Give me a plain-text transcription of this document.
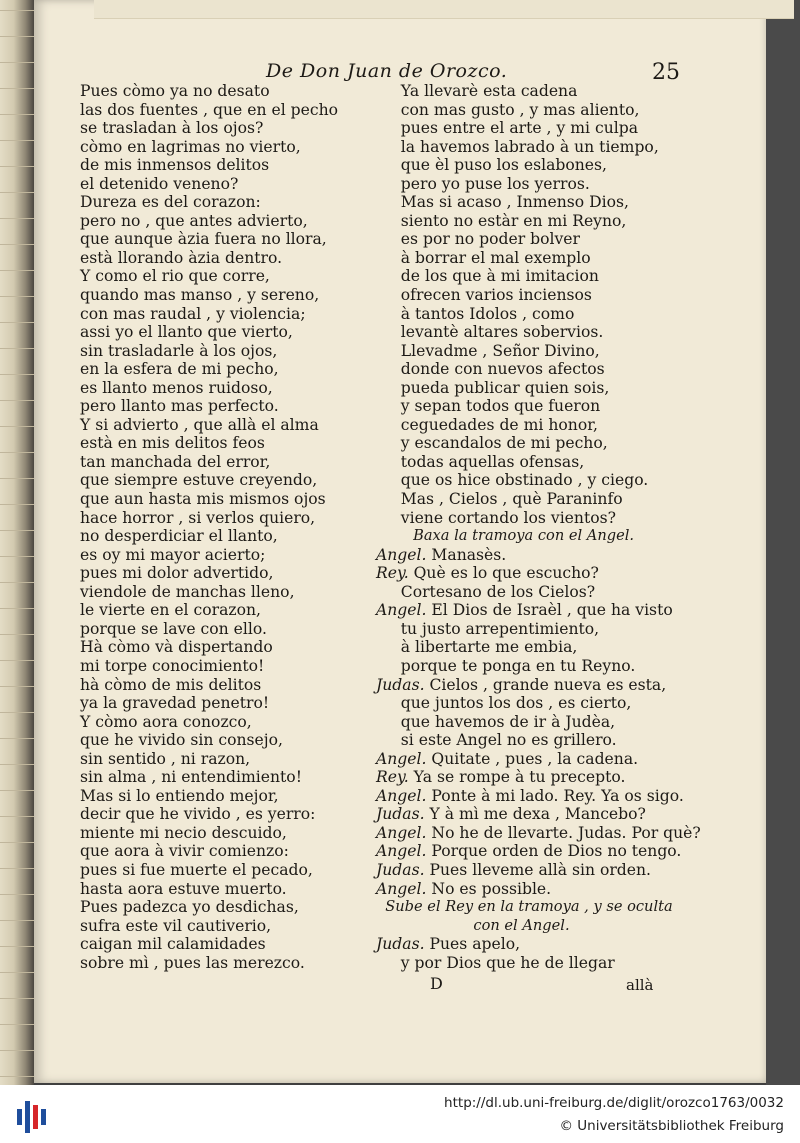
De Don Juan de Orozco.	25
Pues còmo ya no desato
las dos fuentes , que en el pecho
se trasladan à los ojos?
còmo en lagrimas no vierto,
de mis inmensos delitos
el detenido veneno?
Dureza es del corazon:
pero no , que antes advierto,
que aunque àzia fuera no llora,
està llorando àzia dentro.
Y como el rio que corre,
quando mas manso , y sereno,
con mas raudal , y violencia;
assi yo el llanto que vierto,
sin trasladarle à los ojos,
en la esfera de mi pecho,
es llanto menos ruidoso,
pero llanto mas perfecto.
Y si advierto , que allà el alma
està en mis delitos feos
tan manchada del error,
que siempre estuve creyendo,
que aun hasta mis mismos ojos
hace horror , si verlos quiero,
no desperdiciar el llanto,
es oy mi mayor acierto;
pues mi dolor advertido,
viendole de manchas lleno,
le vierte en el corazon,
porque se lave con ello.
Hà còmo và dispertando
mi torpe conocimiento!
hà còmo de mis delitos
ya la gravedad penetro!
Y còmo aora conozco,
que he vivido sin consejo,
sin sentido , ni razon,
sin alma , ni entendimiento!
Mas si lo entiendo mejor,
decir que he vivido , es yerro:
miente mi necio descuido,
que aora à vivir comienzo:
pues si fue muerte el pecado,
hasta aora estuve muerto.
Pues padezca yo desdichas,
sufra este vil cautiverio,
caigan mil calamidades
sobre mì , pues las merezco.
Ya llevarè esta cadena
con mas gusto , y mas aliento,
pues entre el arte , y mi culpa
la havemos labrado à un tiempo,
que èl puso los eslabones,
pero yo puse los yerros.
Mas si acaso , Inmenso Dios,
siento no estàr en mi Reyno,
es por no poder bolver
à borrar el mal exemplo
de los que à mi imitacion
ofrecen varios inciensos
à tantos Idolos , como
levantè altares sobervios.
Llevadme , Señor Divino,
donde con nuevos afectos
pueda publicar quien sois,
y sepan todos que fueron
ceguedades de mi honor,
y escandalos de mi pecho,
todas aquellas ofensas,
que os hice obstinado , y ciego.
Mas , Cielos , què Paraninfo
viene cortando los vientos?
Baxa la tramoya con el Angel.
Angel. Manasès.
Rey. Què es lo que escucho?
Cortesano de los Cielos?
Angel. El Dios de Israèl , que ha visto
tu justo arrepentimiento,
à libertarte me embia,
porque te ponga en tu Reyno.
Judas. Cielos , grande nueva es esta,
que juntos los dos , es cierto,
que havemos de ir à Judèa,
si este Angel no es grillero.
Angel. Quitate , pues , la cadena.
Rey. Ya se rompe à tu precepto.
Angel. Ponte à mi lado. Rey. Ya os sigo.
Judas. Y à mì me dexa , Mancebo?
Angel. No he de llevarte. Judas. Por què?
Angel. Porque orden de Dios no tengo.
Judas. Pues lleveme allà sin orden.
Angel. No es possible.
Sube el Rey en la tramoya , y se oculta
con el Angel.
Judas. Pues apelo,
y por Dios que he de llegar
D	allà
http://dl.ub.uni-freiburg.de/diglit/orozco1763/0032
© Universitätsbibliothek Freiburg
